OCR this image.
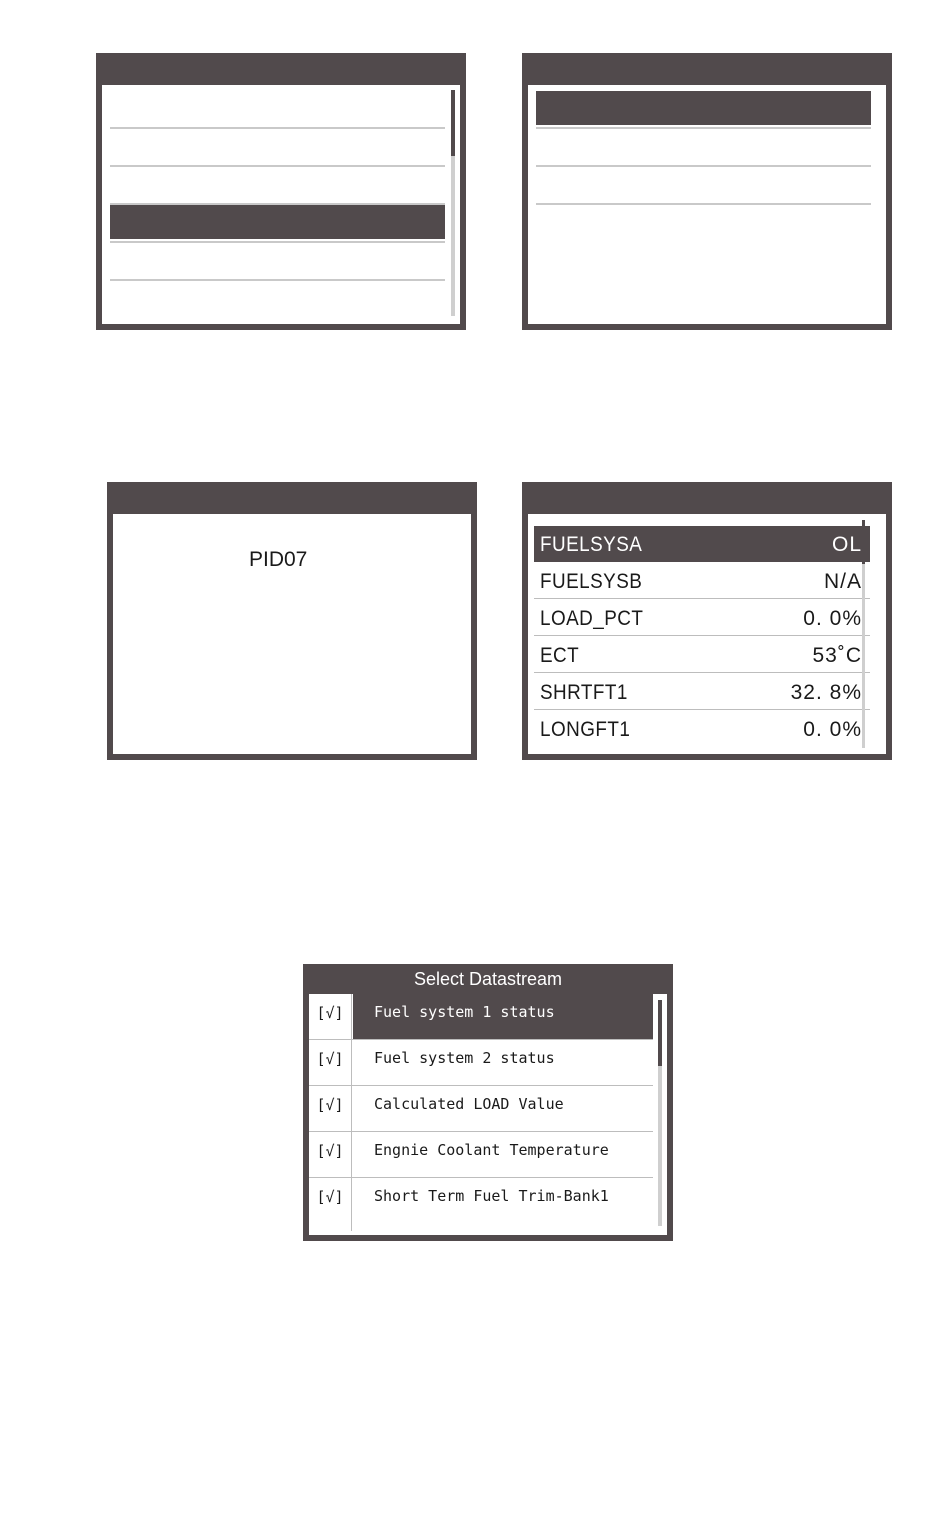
PID07
FUELSYSA	OL
FUELSYSB	N/A
LOAD_PCT	0. 0%
ECT	53˚C
SHRTFT1	32. 8%
LONGFT1	0. 0%
Select Datastream
[√]	Fuel system 1 status
[√]	Fuel system 2 status
[√]	Calculated LOAD Value
[√]	Engnie Coolant Temperature
[√]	Short Term Fuel Trim-Bank1
